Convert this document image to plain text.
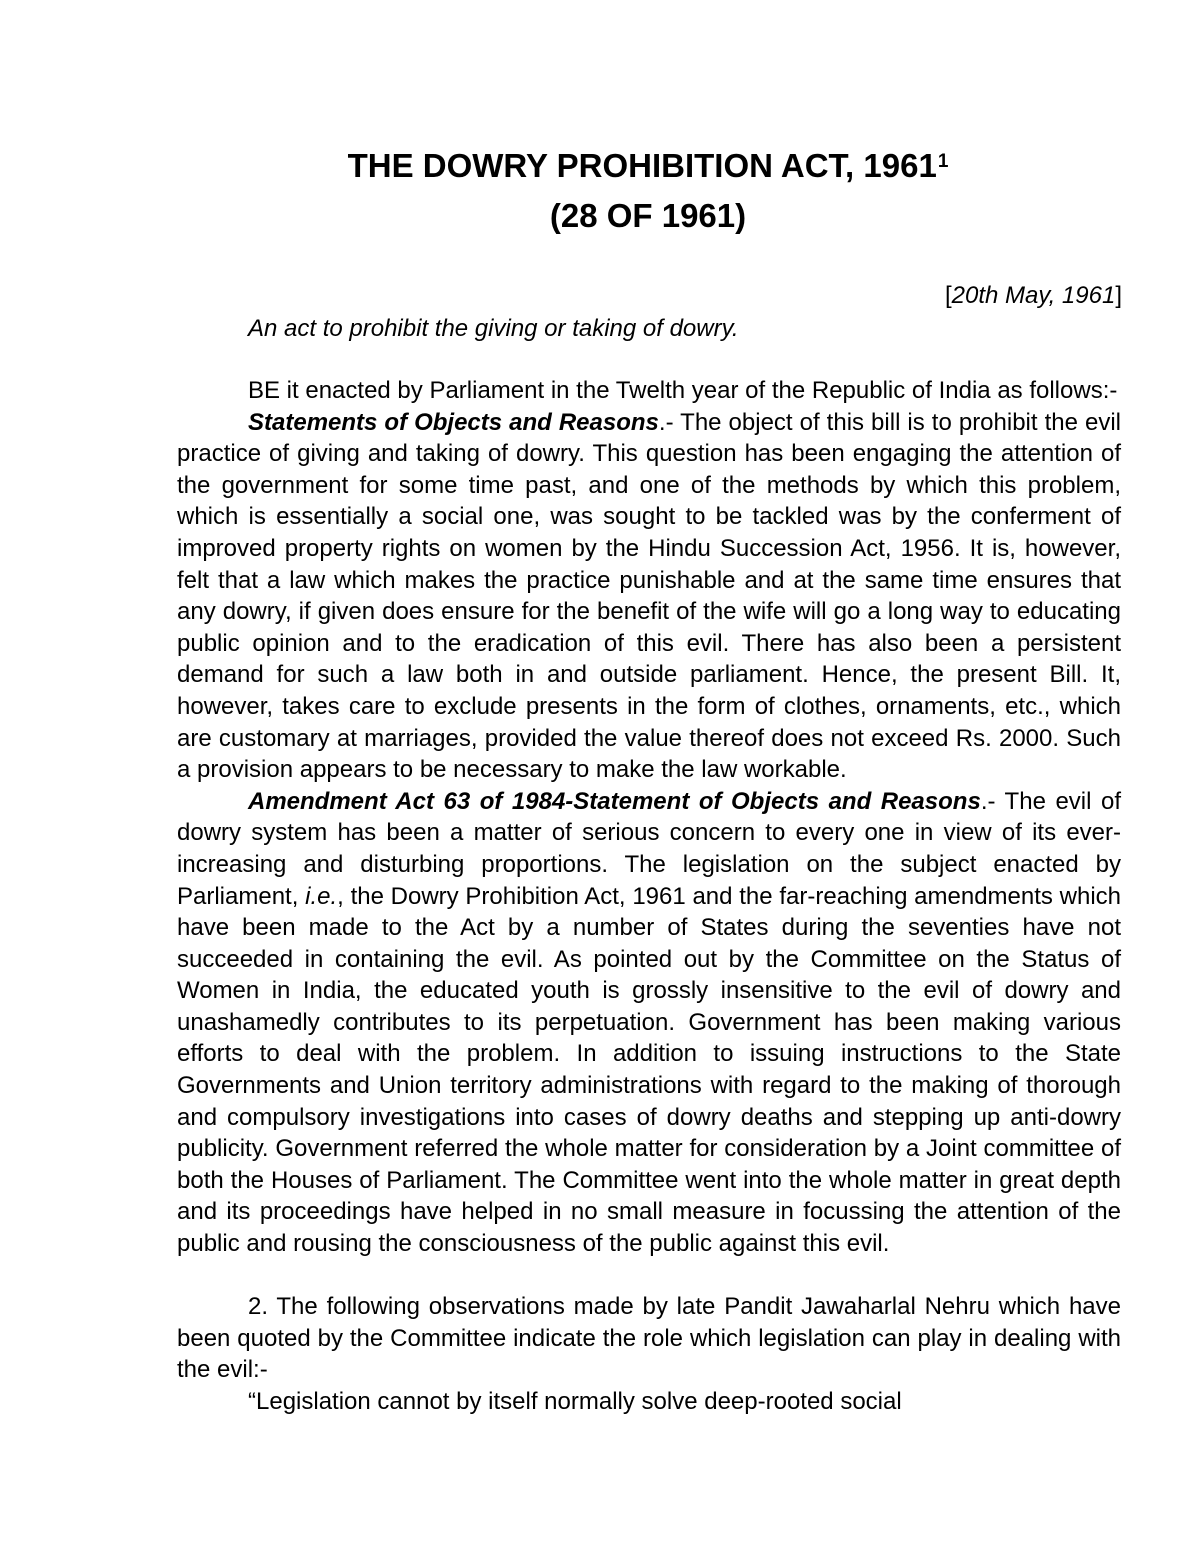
THE DOWRY PROHIBITION ACT, 1961$^1$
(28 OF 1961)
[20th May, 1961]
An act to prohibit the giving or taking of dowry.

BE it enacted by Parliament in the Twelth year of the Republic of India as follows:-

Statements of Objects and Reasons.- The object of this bill is to prohibit the evil practice of giving and taking of dowry. This question has been engaging the attention of the government for some time past, and one of the methods by which this problem, which is essentially a social one, was sought to be tackled was by the conferment of improved property rights on women by the Hindu Succession Act, 1956. It is, however, felt that a law which makes the practice punishable and at the same time ensures that any dowry, if given does ensure for the benefit of the wife will go a long way to educating public opinion and to the eradication of this evil. There has also been a persistent demand for such a law both in and outside parliament. Hence, the present Bill. It, however, takes care to exclude presents in the form of clothes, ornaments, etc., which are customary at marriages, provided the value thereof does not exceed Rs. 2000. Such a provision appears to be necessary to make the law workable.

Amendment Act 63 of 1984-Statement of Objects and Reasons.- The evil of dowry system has been a matter of serious concern to every one in view of its ever-increasing and disturbing proportions. The legislation on the subject enacted by Parliament, i.e., the Dowry Prohibition Act, 1961 and the far-reaching amendments which have been made to the Act by a number of States during the seventies have not succeeded in containing the evil. As pointed out by the Committee on the Status of Women in India, the educated youth is grossly insensitive to the evil of dowry and unashamedly contributes to its perpetuation. Government has been making various efforts to deal with the problem. In addition to issuing instructions to the State Governments and Union territory administrations with regard to the making of thorough and compulsory investigations into cases of dowry deaths and stepping up anti-dowry publicity. Government referred the whole matter for consideration by a Joint committee of both the Houses of Parliament. The Committee went into the whole matter in great depth and its proceedings have helped in no small measure in focussing the attention of the public and rousing the consciousness of the public against this evil.

2. The following observations made by late Pandit Jawaharlal Nehru which have been quoted by the Committee indicate the role which legislation can play in dealing with the evil:-

“Legislation cannot by itself normally solve deep-rooted social
